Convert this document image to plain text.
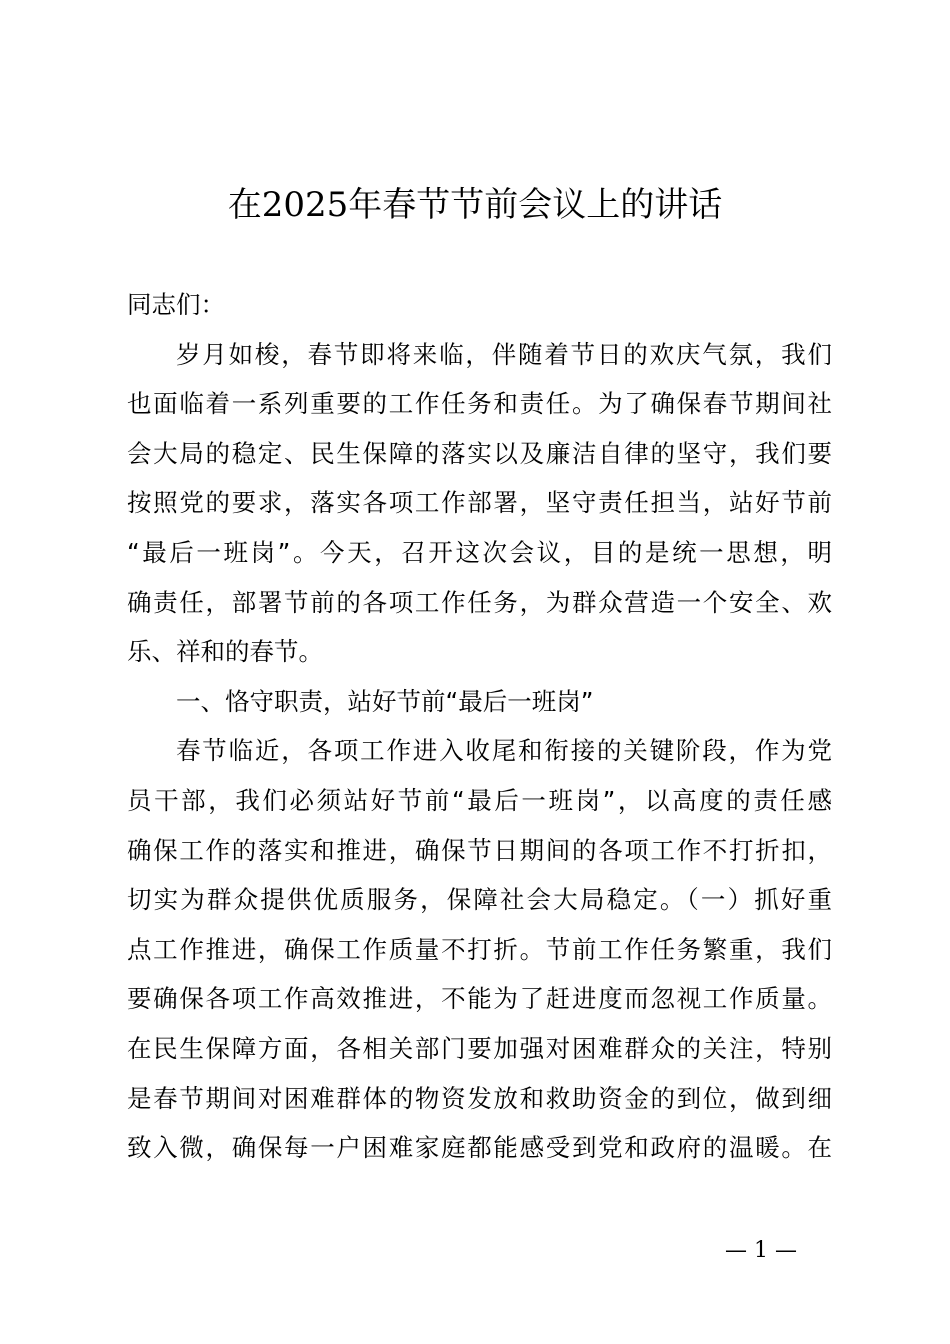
在2025年春节节前会议上的讲话
同志们：
岁月如梭，春节即将来临，伴随着节日的欢庆气氛，我们
也面临着一系列重要的工作任务和责任。为了确保春节期间社
会大局的稳定、民生保障的落实以及廉洁自律的坚守，我们要
按照党的要求，落实各项工作部署，坚守责任担当，站好节前
“最后一班岗”。今天，召开这次会议，目的是统一思想，明
确责任，部署节前的各项工作任务，为群众营造一个安全、欢
乐、祥和的春节。
一、恪守职责，站好节前“最后一班岗”
春节临近，各项工作进入收尾和衔接的关键阶段，作为党
员干部，我们必须站好节前“最后一班岗”，以高度的责任感
确保工作的落实和推进，确保节日期间的各项工作不打折扣，
切实为群众提供优质服务，保障社会大局稳定。（一）抓好重
点工作推进，确保工作质量不打折。节前工作任务繁重，我们
要确保各项工作高效推进，不能为了赶进度而忽视工作质量。
在民生保障方面，各相关部门要加强对困难群众的关注，特别
是春节期间对困难群体的物资发放和救助资金的到位，做到细
致入微，确保每一户困难家庭都能感受到党和政府的温暖。在
— 1 —
